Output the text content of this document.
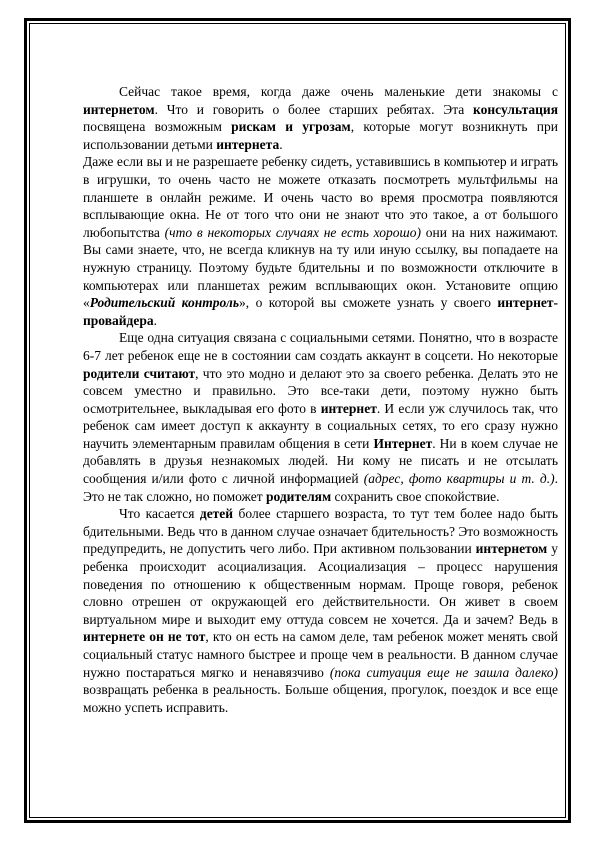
Сейчас такое время, когда даже очень маленькие дети знакомы с интернетом. Что и говорить о более старших ребятах. Эта консультация посвящена возможным рискам и угрозам, которые могут возникнуть при использовании детьми интернета.

Даже если вы и не разрешаете ребенку сидеть, уставившись в компьютер и играть в игрушки, то очень часто не можете отказать посмотреть мультфильмы на планшете в онлайн режиме. И очень часто во время просмотра появляются всплывающие окна. Не от того что они не знают что это такое, а от большого любопытства (что в некоторых случаях не есть хорошо) они на них нажимают. Вы сами знаете, что, не всегда кликнув на ту или иную ссылку, вы попадаете на нужную страницу. Поэтому будьте бдительны и по возможности отключите в компьютерах или планшетах режим всплывающих окон. Установите опцию «Родительский контроль», о которой вы сможете узнать у своего интернет-провайдера.

Еще одна ситуация связана с социальными сетями. Понятно, что в возрасте 6-7 лет ребенок еще не в состоянии сам создать аккаунт в соцсети. Но некоторые родители считают, что это модно и делают это за своего ребенка. Делать это не совсем уместно и правильно. Это все-таки дети, поэтому нужно быть осмотрительнее, выкладывая его фото в интернет. И если уж случилось так, что ребенок сам имеет доступ к аккаунту в социальных сетях, то его сразу нужно научить элементарным правилам общения в сети Интернет. Ни в коем случае не добавлять в друзья незнакомых людей. Ни кому не писать и не отсылать сообщения и/или фото с личной информацией (адрес, фото квартиры и т. д.). Это не так сложно, но поможет родителям сохранить свое спокойствие.

Что касается детей более старшего возраста, то тут тем более надо быть бдительными. Ведь что в данном случае означает бдительность? Это возможность предупредить, не допустить чего либо. При активном пользовании интернетом у ребенка происходит асоциализация. Асоциализация – процесс нарушения поведения по отношению к общественным нормам. Проще говоря, ребенок словно отрешен от окружающей его действительности. Он живет в своем виртуальном мире и выходит ему оттуда совсем не хочется. Да и зачем? Ведь в интернете он не тот, кто он есть на самом деле, там ребенок может менять свой социальный статус намного быстрее и проще чем в реальности. В данном случае нужно постараться мягко и ненавязчиво (пока ситуация еще не зашла далеко) возвращать ребенка в реальность. Больше общения, прогулок, поездок и все еще можно успеть исправить.
